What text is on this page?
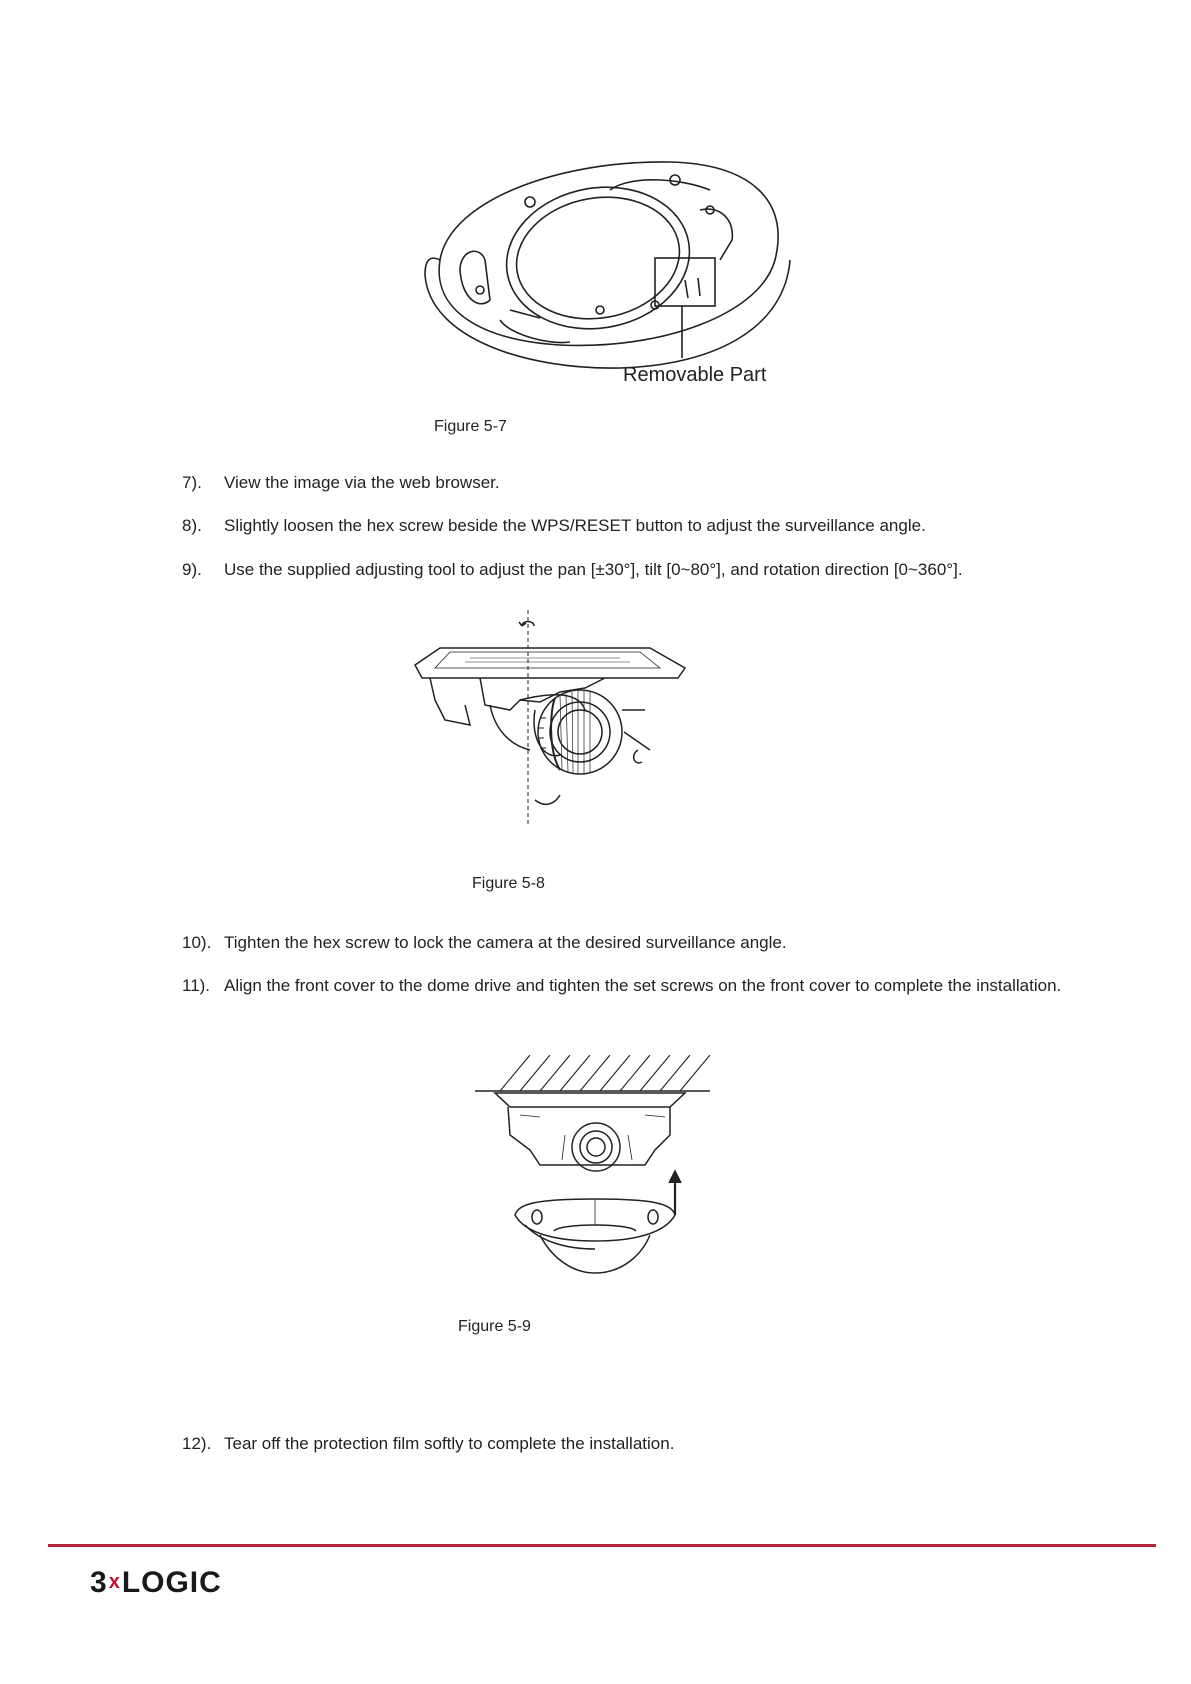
Removable Part
Figure 5-7
7). View the image via the web browser.
8). Slightly loosen the hex screw beside the WPS/RESET button to adjust the surveillance angle.
9). Use the supplied adjusting tool to adjust the pan [±30°], tilt [0~80°], and rotation direction [0~360°].
Figure 5-8
10). Tighten the hex screw to lock the camera at the desired surveillance angle.
11). Align the front cover to the dome drive and tighten the set screws on the front cover to complete the installation.
Figure 5-9
12). Tear off the protection film softly to complete the installation.
3xLOGIC
